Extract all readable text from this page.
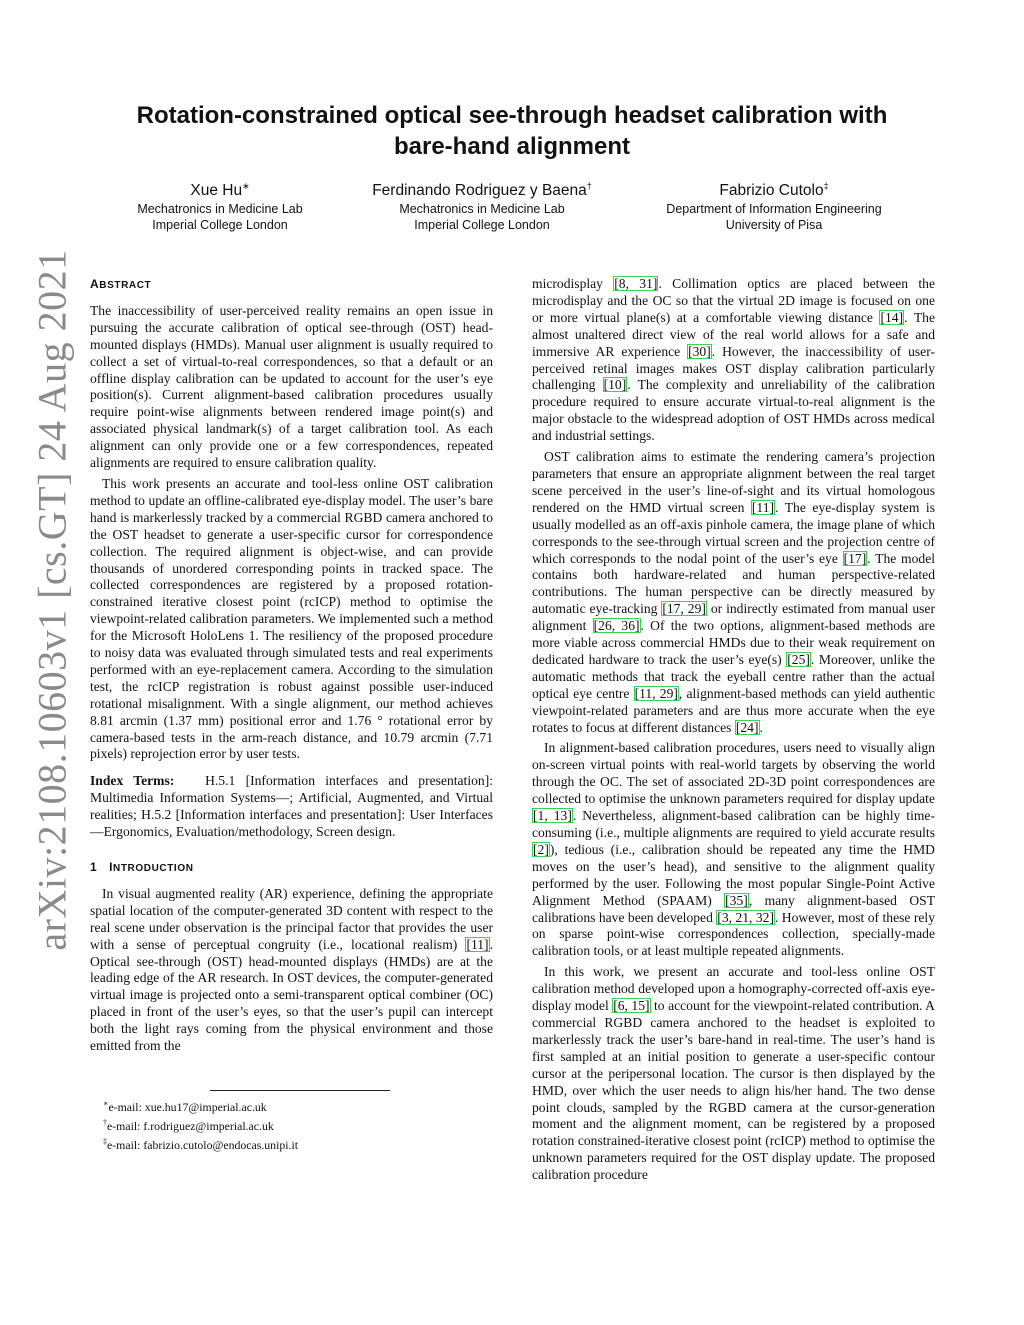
arXiv:2108.10603v1 [cs.GT] 24 Aug 2021
Rotation-constrained optical see-through headset calibration with
bare-hand alignment
Xue Hu∗
Mechatronics in Medicine Lab
Imperial College London
Ferdinando Rodriguez y Baena†
Mechatronics in Medicine Lab
Imperial College London
Fabrizio Cutolo‡
Department of Information Engineering
University of Pisa
ABSTRACT

The inaccessibility of user-perceived reality remains an open issue in pursuing the accurate calibration of optical see-through (OST) head-mounted displays (HMDs). Manual user alignment is usually required to collect a set of virtual-to-real correspondences, so that a default or an offline display calibration can be updated to account for the user’s eye position(s). Current alignment-based calibration procedures usually require point-wise alignments between rendered image point(s) and associated physical landmark(s) of a target calibration tool. As each alignment can only provide one or a few correspondences, repeated alignments are required to ensure calibration quality.

This work presents an accurate and tool-less online OST calibration method to update an offline-calibrated eye-display model. The user’s bare hand is markerlessly tracked by a commercial RGBD camera anchored to the OST headset to generate a user-specific cursor for correspondence collection. The required alignment is object-wise, and can provide thousands of unordered corresponding points in tracked space. The collected correspondences are registered by a proposed rotation-constrained iterative closest point (rcICP) method to optimise the viewpoint-related calibration parameters. We implemented such a method for the Microsoft HoloLens 1. The resiliency of the proposed procedure to noisy data was evaluated through simulated tests and real experiments performed with an eye-replacement camera. According to the simulation test, the rcICP registration is robust against possible user-induced rotational misalignment. With a single alignment, our method achieves 8.81 arcmin (1.37 mm) positional error and 1.76 ° rotational error by camera-based tests in the arm-reach distance, and 10.79 arcmin (7.71 pixels) reprojection error by user tests.

Index Terms: H.5.1 [Information interfaces and presentation]: Multimedia Information Systems—; Artificial, Augmented, and Virtual realities; H.5.2 [Information interfaces and presentation]: User Interfaces—Ergonomics, Evaluation/methodology, Screen design.

1 INTRODUCTION

In visual augmented reality (AR) experience, defining the appropriate spatial location of the computer-generated 3D content with respect to the real scene under observation is the principal factor that provides the user with a sense of perceptual congruity (i.e., locational realism) [11]. Optical see-through (OST) head-mounted displays (HMDs) are at the leading edge of the AR research. In OST devices, the computer-generated virtual image is projected onto a semi-transparent optical combiner (OC) placed in front of the user’s eyes, so that the user’s pupil can intercept both the light rays coming from the physical environment and those emitted from the

microdisplay [8, 31]. Collimation optics are placed between the microdisplay and the OC so that the virtual 2D image is focused on one or more virtual plane(s) at a comfortable viewing distance [14]. The almost unaltered direct view of the real world allows for a safe and immersive AR experience [30]. However, the inaccessibility of user-perceived retinal images makes OST display calibration particularly challenging [10]. The complexity and unreliability of the calibration procedure required to ensure accurate virtual-to-real alignment is the major obstacle to the widespread adoption of OST HMDs across medical and industrial settings.

OST calibration aims to estimate the rendering camera’s projection parameters that ensure an appropriate alignment between the real target scene perceived in the user’s line-of-sight and its virtual homologous rendered on the HMD virtual screen [11]. The eye-display system is usually modelled as an off-axis pinhole camera, the image plane of which corresponds to the see-through virtual screen and the projection centre of which corresponds to the nodal point of the user’s eye [17]. The model contains both hardware-related and human perspective-related contributions. The human perspective can be directly measured by automatic eye-tracking [17, 29] or indirectly estimated from manual user alignment [26, 36]. Of the two options, alignment-based methods are more viable across commercial HMDs due to their weak requirement on dedicated hardware to track the user’s eye(s) [25]. Moreover, unlike the automatic methods that track the eyeball centre rather than the actual optical eye centre [11, 29], alignment-based methods can yield authentic viewpoint-related parameters and are thus more accurate when the eye rotates to focus at different distances [24].

In alignment-based calibration procedures, users need to visually align on-screen virtual points with real-world targets by observing the world through the OC. The set of associated 2D-3D point correspondences are collected to optimise the unknown parameters required for display update [1, 13]. Nevertheless, alignment-based calibration can be highly time-consuming (i.e., multiple alignments are required to yield accurate results [2]), tedious (i.e., calibration should be repeated any time the HMD moves on the user’s head), and sensitive to the alignment quality performed by the user. Following the most popular Single-Point Active Alignment Method (SPAAM) [35], many alignment-based OST calibrations have been developed [3, 21, 32]. However, most of these rely on sparse point-wise correspondences collection, specially-made calibration tools, or at least multiple repeated alignments.

In this work, we present an accurate and tool-less online OST calibration method developed upon a homography-corrected off-axis eye-display model [6, 15] to account for the viewpoint-related contribution. A commercial RGBD camera anchored to the headset is exploited to markerlessly track the user’s bare-hand in real-time. The user’s hand is first sampled at an initial position to generate a user-specific contour cursor at the peripersonal location. The cursor is then displayed by the HMD, over which the user needs to align his/her hand. The two dense point clouds, sampled by the RGBD camera at the cursor-generation moment and the alignment moment, can be registered by a proposed rotation constrained-iterative closest point (rcICP) method to optimise the unknown parameters required for the OST display update. The proposed calibration procedure

∗e-mail: xue.hu17@imperial.ac.uk
†e-mail: f.rodriguez@imperial.ac.uk
‡e-mail: fabrizio.cutolo@endocas.unipi.it
